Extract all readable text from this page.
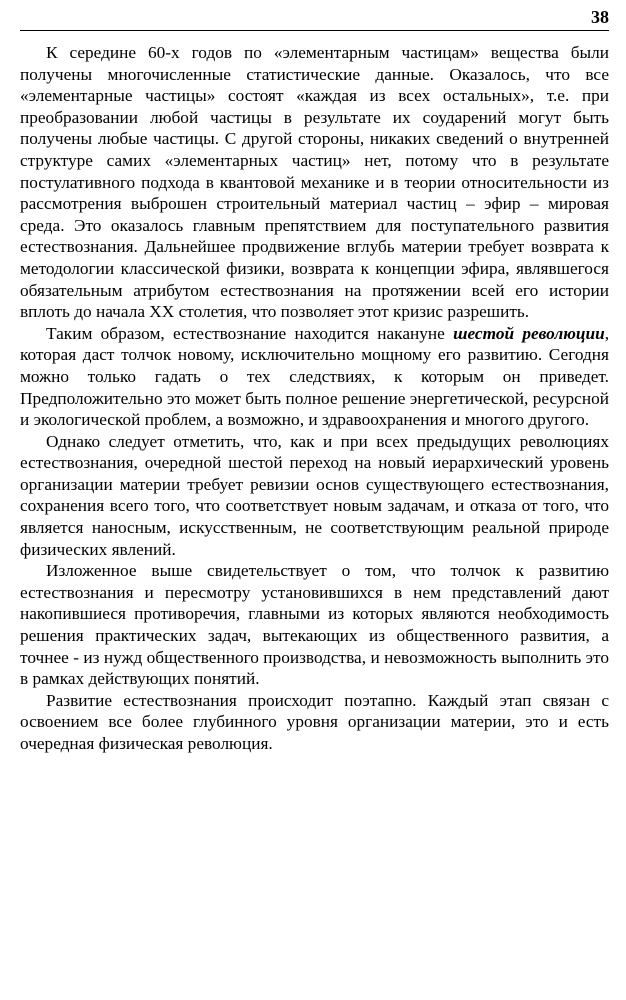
38

К середине 60-х годов по «элементарным частицам» вещества были получены многочисленные статистические данные. Оказалось, что все «элементарные частицы» состоят «каждая из всех остальных», т.е. при преобразовании любой частицы в результате их соударений могут быть получены любые частицы. С другой стороны, никаких сведений о внутренней структуре самих «элементарных частиц» нет, потому что в результате постулативного подхода в квантовой механике и в теории относительности из рассмотрения выброшен строительный материал частиц – эфир – мировая среда. Это оказалось главным препятствием для поступательного развития естествознания. Дальнейшее продвижение вглубь материи требует возврата к методологии классической физики, возврата к концепции эфира, являвшегося обязательным атрибутом естествознания на протяжении всей его истории вплоть до начала ХХ столетия, что позволяет этот кризис разрешить.

Таким образом, естествознание находится накануне шестой революции, которая даст толчок новому, исключительно мощному его развитию. Сегодня можно только гадать о тех следствиях, к которым он приведет. Предположительно это может быть полное решение энергетической, ресурсной и экологической проблем, а возможно, и здравоохранения и многого другого.

Однако следует отметить, что, как и при всех предыдущих революциях естествознания, очередной шестой переход на новый иерархический уровень организации материи требует ревизии основ существующего естествознания, сохранения всего того, что соответствует новым задачам, и отказа от того, что является наносным, искусственным, не соответствующим реальной природе физических явлений.

Изложенное выше свидетельствует о том, что толчок к развитию естествознания и пересмотру установившихся в нем представлений дают накопившиеся противоречия, главными из которых являются необходимость решения практических задач, вытекающих из общественного развития, а точнее - из нужд общественного производства, и невозможность выполнить это в рамках действующих понятий.

Развитие естествознания происходит поэтапно. Каждый этап связан с освоением все более глубинного уровня организации материи, это и есть очередная физическая революция.
